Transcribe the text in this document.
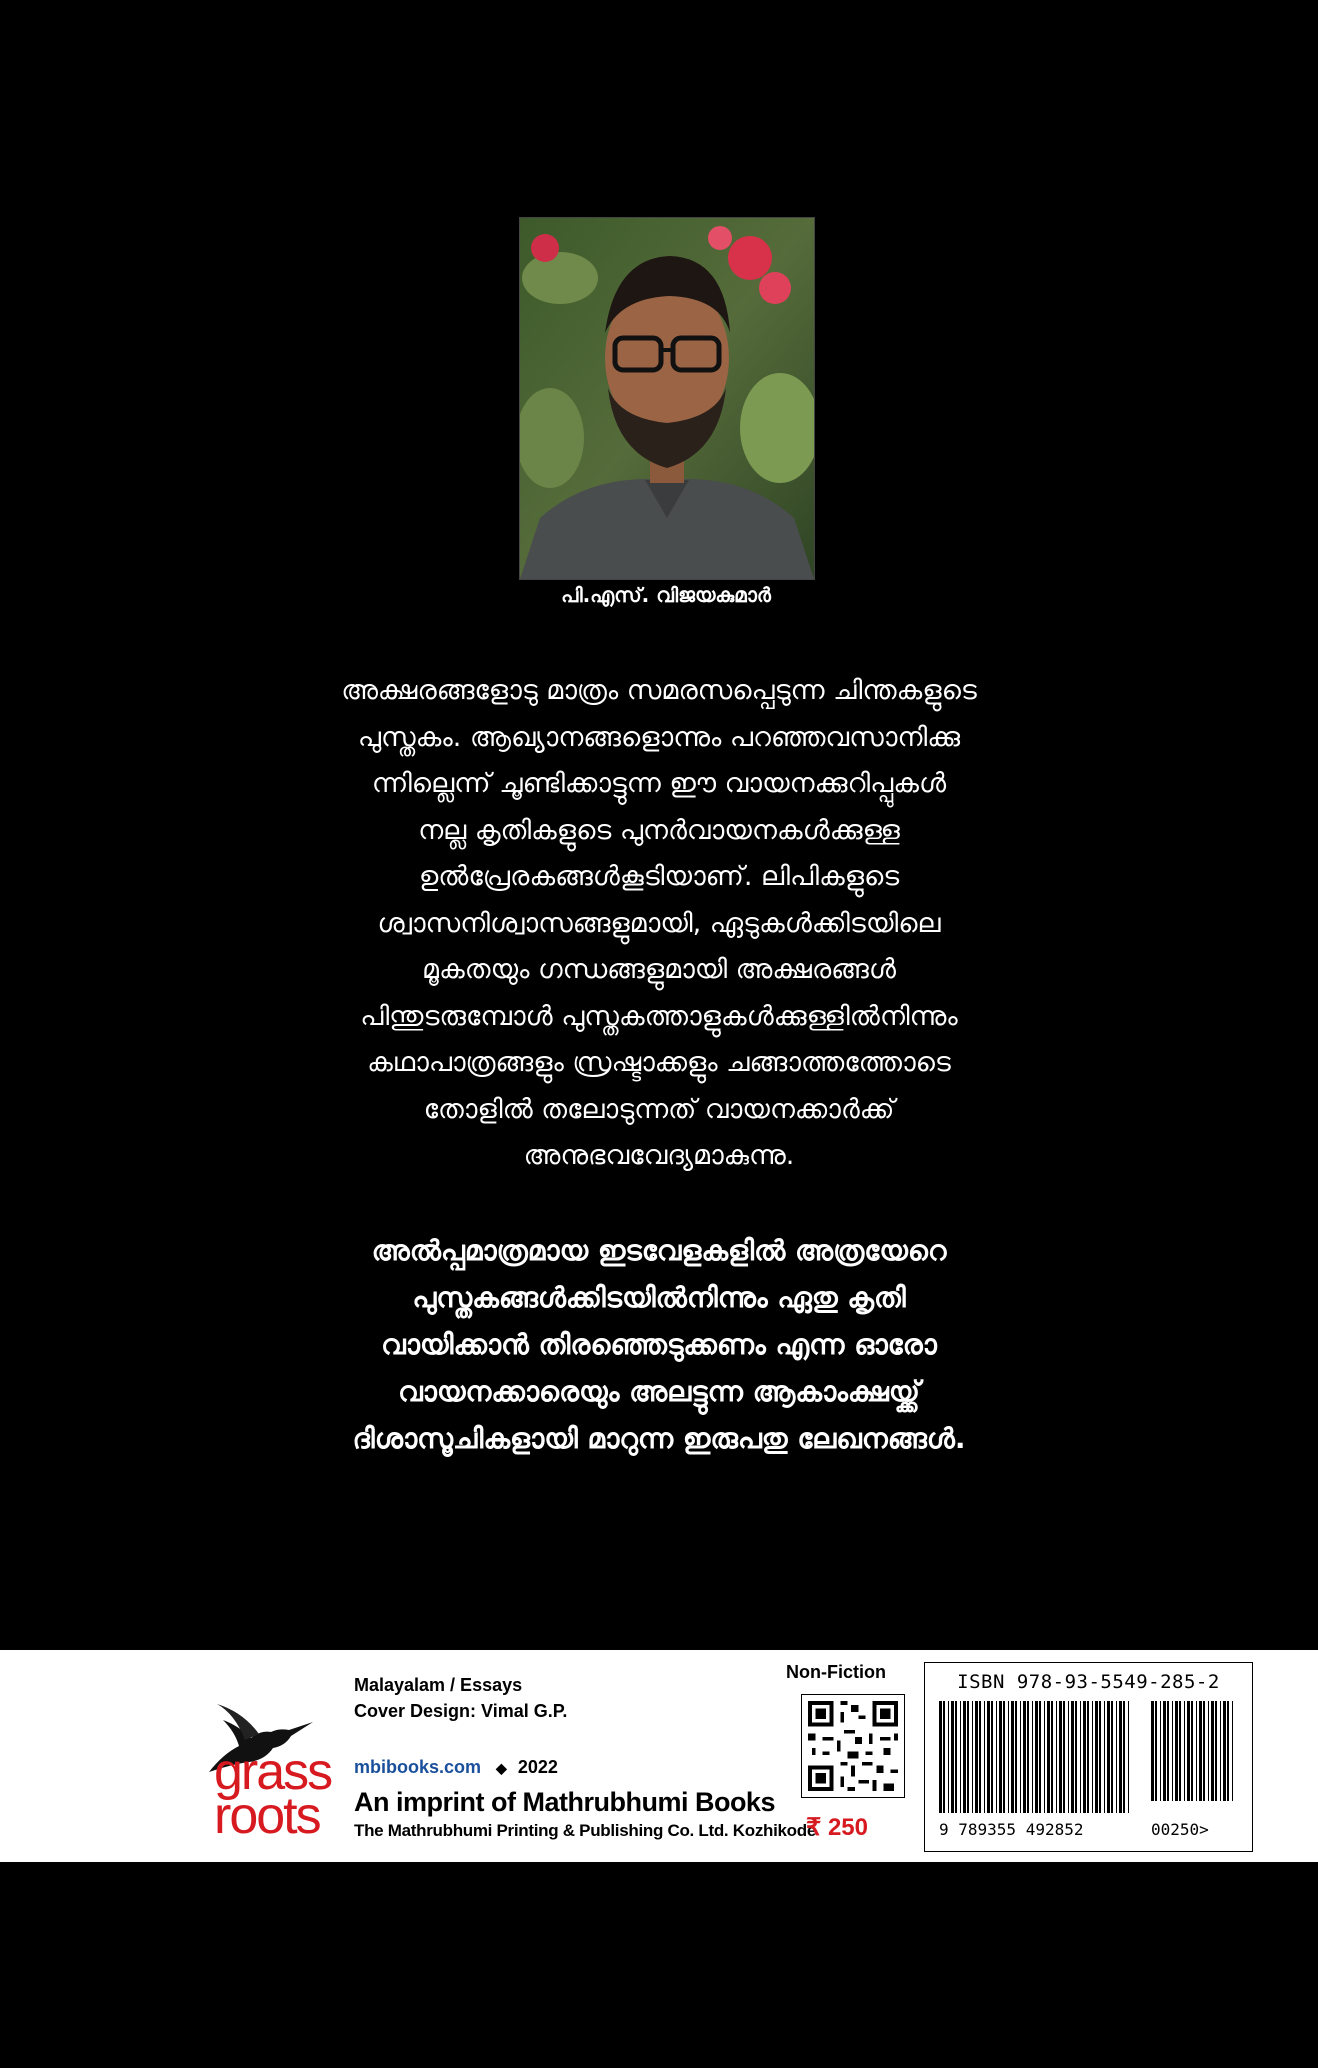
പി.എസ്. വിജയകുമാർ

അക്ഷരങ്ങളോടു മാത്രം സമരസപ്പെടുന്ന ചിന്തകളുടെ
പുസ്തകം. ആഖ്യാനങ്ങളൊന്നും പറഞ്ഞവസാനിക്കു
ന്നില്ലെന്ന് ചൂണ്ടിക്കാട്ടുന്ന ഈ വായനക്കുറിപ്പുകൾ
നല്ല കൃതികളുടെ പുനർവായനകൾക്കുള്ള
ഉൽപ്രേരകങ്ങൾകൂടിയാണ്. ലിപികളുടെ
ശ്വാസനിശ്വാസങ്ങളുമായി, ഏടുകൾക്കിടയിലെ
മൂകതയും ഗന്ധങ്ങളുമായി അക്ഷരങ്ങൾ
പിന്തുടരുമ്പോൾ പുസ്തകത്താളുകൾക്കുള്ളിൽനിന്നും
കഥാപാത്രങ്ങളും സ്രഷ്ടാക്കളും ചങ്ങാത്തത്തോടെ
തോളിൽ തലോടുന്നത് വായനക്കാർക്ക്
അനുഭവവേദ്യമാകുന്നു.

അൽപ്പമാത്രമായ ഇടവേളകളിൽ അത്രയേറെ
പുസ്തകങ്ങൾക്കിടയിൽനിന്നും ഏതു കൃതി
വായിക്കാൻ തിരഞ്ഞെടുക്കണം എന്ന ഓരോ
വായനക്കാരെയും അലട്ടുന്ന ആകാംക്ഷയ്ക്ക്
ദിശാസൂചികളായി മാറുന്ന ഇരുപതു ലേഖനങ്ങൾ.

grass
roots
Malayalam / Essays
Cover Design: Vimal G.P.
mbibooks.com ◆ 2022
An imprint of Mathrubhumi Books
The Mathrubhumi Printing & Publishing Co. Ltd. Kozhikode
Non-Fiction
₹ 250
ISBN 978-93-5549-285-2
9 789355 492852	00250>
